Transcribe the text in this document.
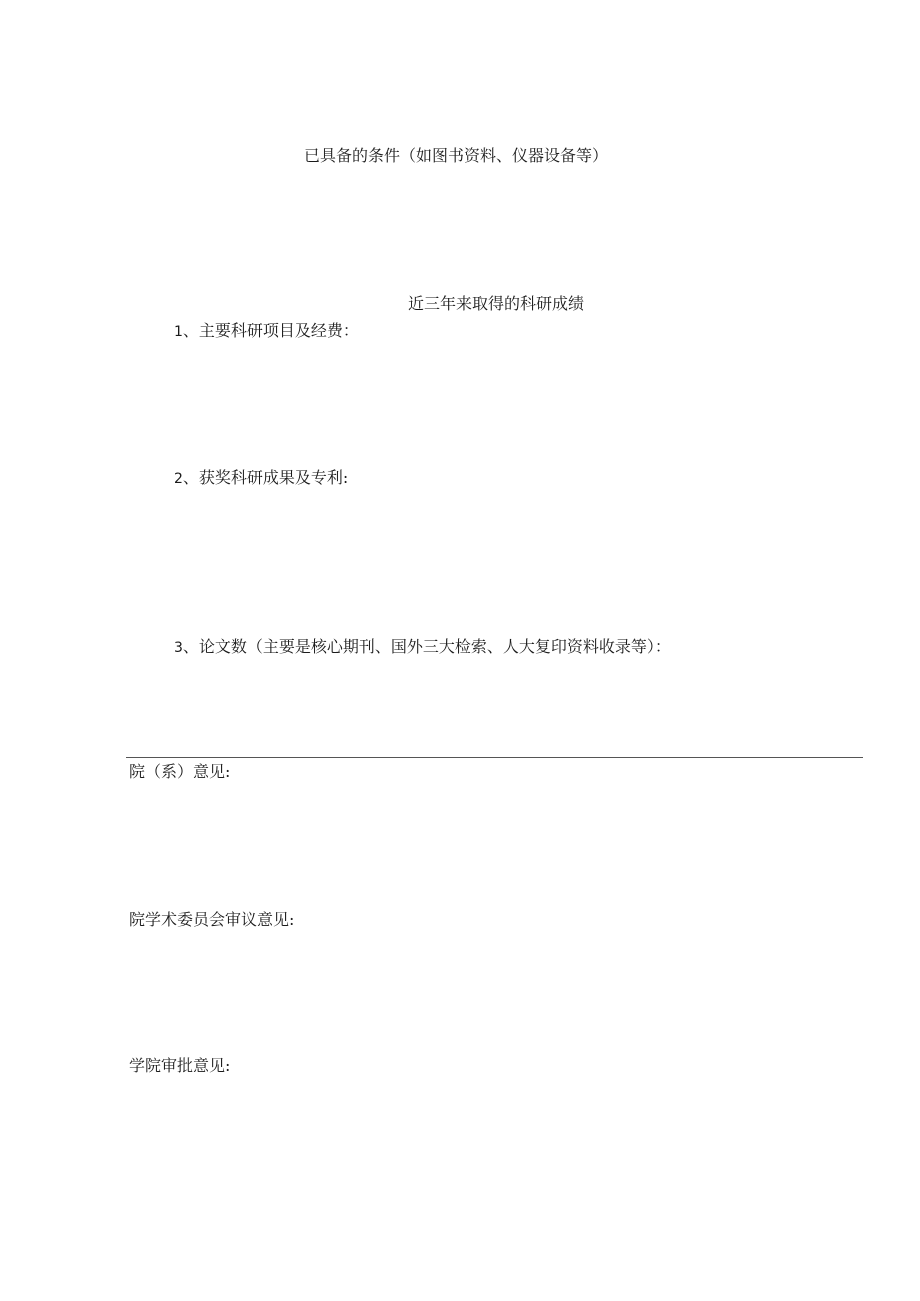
已具备的条件（如图书资料、仪器设备等）
近三年来取得的科研成绩
1、主要科研项目及经费：
2、获奖科研成果及专利:
3、论文数（主要是核心期刊、国外三大检索、人大复印资料收录等）：
院（系）意见:
院学术委员会审议意见:
学院审批意见:
